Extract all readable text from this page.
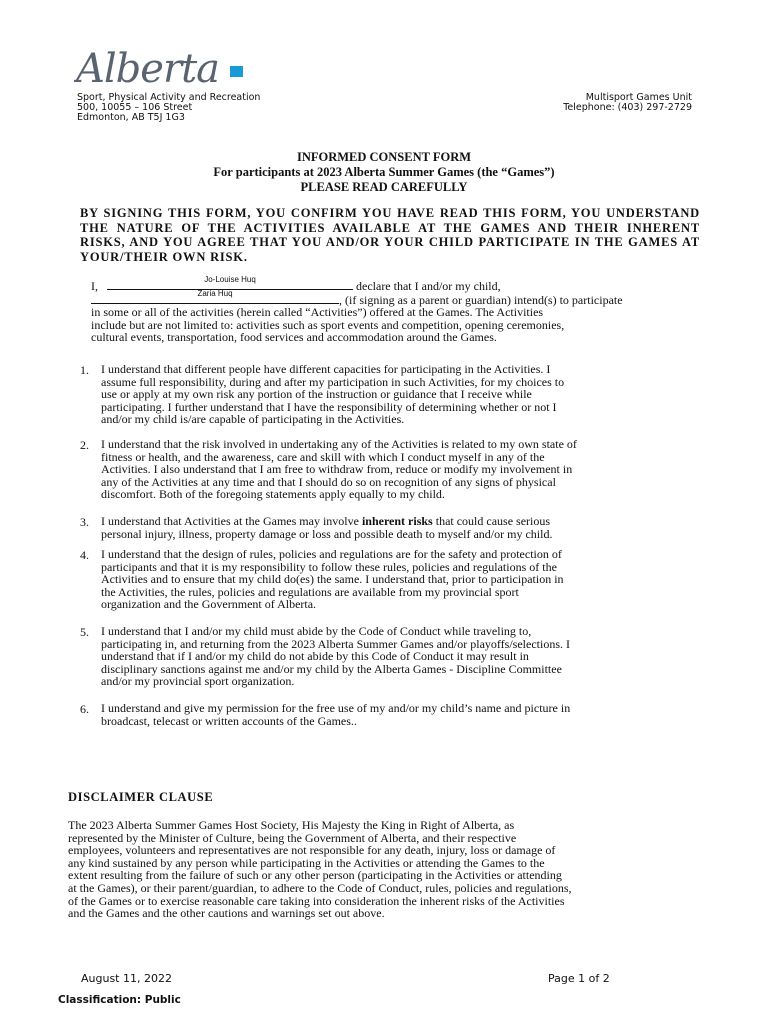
Alberta
Sport, Physical Activity and Recreation
500, 10055 – 106 Street
Edmonton, AB T5J 1G3
Multisport Games Unit
Telephone: (403) 297-2729
INFORMED CONSENT FORM
For participants at 2023 Alberta Summer Games (the “Games”)
PLEASE READ CAREFULLY
BY SIGNING THIS FORM, YOU CONFIRM YOU HAVE READ THIS FORM, YOU UNDERSTAND THE NATURE OF THE ACTIVITIES AVAILABLE AT THE GAMES AND THEIR INHERENT RISKS, AND YOU AGREE THAT YOU AND/OR YOUR CHILD PARTICIPATE IN THE GAMES AT YOUR/THEIR OWN RISK.
I,	Jo-Louise Huq	declare that I and/or my child,
Zaria Huq	, (if signing as a parent or guardian) intend(s) to participate
in some or all of the activities (herein called “Activities”) offered at the Games. The Activities
include but are not limited to: activities such as sport events and competition, opening ceremonies,
cultural events, transportation, food services and accommodation around the Games.
1. I understand that different people have different capacities for participating in the Activities. I
assume full responsibility, during and after my participation in such Activities, for my choices to
use or apply at my own risk any portion of the instruction or guidance that I receive while
participating. I further understand that I have the responsibility of determining whether or not I
and/or my child is/are capable of participating in the Activities.
2. I understand that the risk involved in undertaking any of the Activities is related to my own state of
fitness or health, and the awareness, care and skill with which I conduct myself in any of the
Activities. I also understand that I am free to withdraw from, reduce or modify my involvement in
any of the Activities at any time and that I should do so on recognition of any signs of physical
discomfort. Both of the foregoing statements apply equally to my child.
3. I understand that Activities at the Games may involve inherent risks that could cause serious
personal injury, illness, property damage or loss and possible death to myself and/or my child.
4. I understand that the design of rules, policies and regulations are for the safety and protection of
participants and that it is my responsibility to follow these rules, policies and regulations of the
Activities and to ensure that my child do(es) the same. I understand that, prior to participation in
the Activities, the rules, policies and regulations are available from my provincial sport
organization and the Government of Alberta.
5. I understand that I and/or my child must abide by the Code of Conduct while traveling to,
participating in, and returning from the 2023 Alberta Summer Games and/or playoffs/selections. I
understand that if I and/or my child do not abide by this Code of Conduct it may result in
disciplinary sanctions against me and/or my child by the Alberta Games - Discipline Committee
and/or my provincial sport organization.
6. I understand and give my permission for the free use of my and/or my child’s name and picture in
broadcast, telecast or written accounts of the Games..
DISCLAIMER CLAUSE
The 2023 Alberta Summer Games Host Society, His Majesty the King in Right of Alberta, as
represented by the Minister of Culture, being the Government of Alberta, and their respective
employees, volunteers and representatives are not responsible for any death, injury, loss or damage of
any kind sustained by any person while participating in the Activities or attending the Games to the
extent resulting from the failure of such or any other person (participating in the Activities or attending
at the Games), or their parent/guardian, to adhere to the Code of Conduct, rules, policies and regulations,
of the Games or to exercise reasonable care taking into consideration the inherent risks of the Activities
and the Games and the other cautions and warnings set out above.
August 11, 2022	Page 1 of 2
Classification: Public
